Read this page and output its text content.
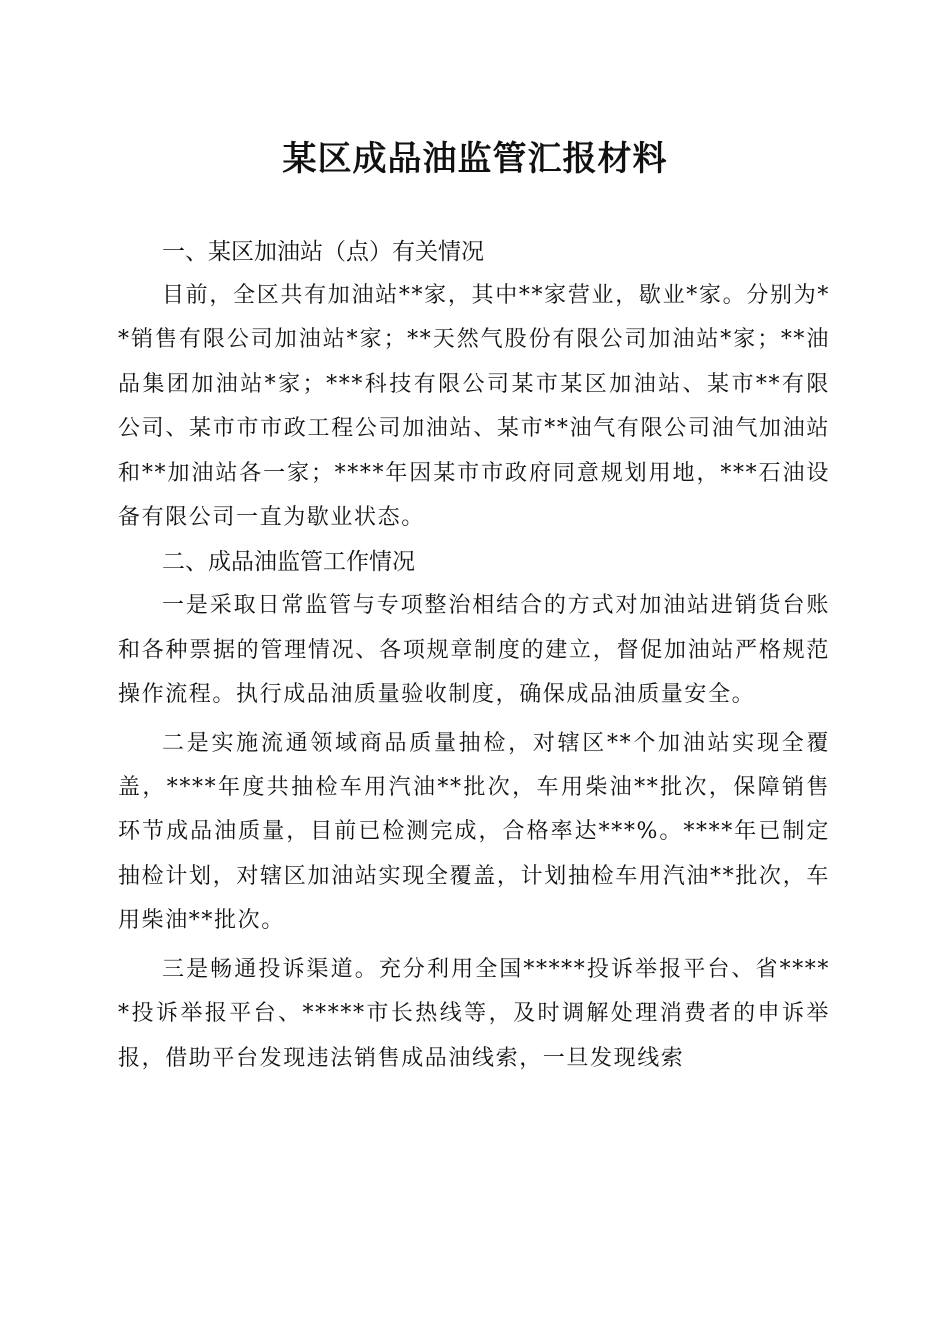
某区成品油监管汇报材料
一、某区加油站（点）有关情况

目前，全区共有加油站**家，其中**家营业，歇业*家。分别为**销售有限公司加油站*家；**天然气股份有限公司加油站*家；**油品集团加油站*家；***科技有限公司某市某区加油站、某市**有限公司、某市市市政工程公司加油站、某市**油气有限公司油气加油站和**加油站各一家；****年因某市市政府同意规划用地，***石油设备有限公司一直为歇业状态。

二、成品油监管工作情况

一是采取日常监管与专项整治相结合的方式对加油站进销货台账和各种票据的管理情况、各项规章制度的建立，督促加油站严格规范操作流程。执行成品油质量验收制度，确保成品油质量安全。

二是实施流通领域商品质量抽检，对辖区**个加油站实现全覆盖，****年度共抽检车用汽油**批次，车用柴油**批次，保障销售环节成品油质量，目前已检测完成，合格率达***%。****年已制定抽检计划，对辖区加油站实现全覆盖，计划抽检车用汽油**批次，车用柴油**批次。

三是畅通投诉渠道。充分利用全国*****投诉举报平台、省*****投诉举报平台、*****市长热线等，及时调解处理消费者的申诉举报，借助平台发现违法销售成品油线索，一旦发现线索
